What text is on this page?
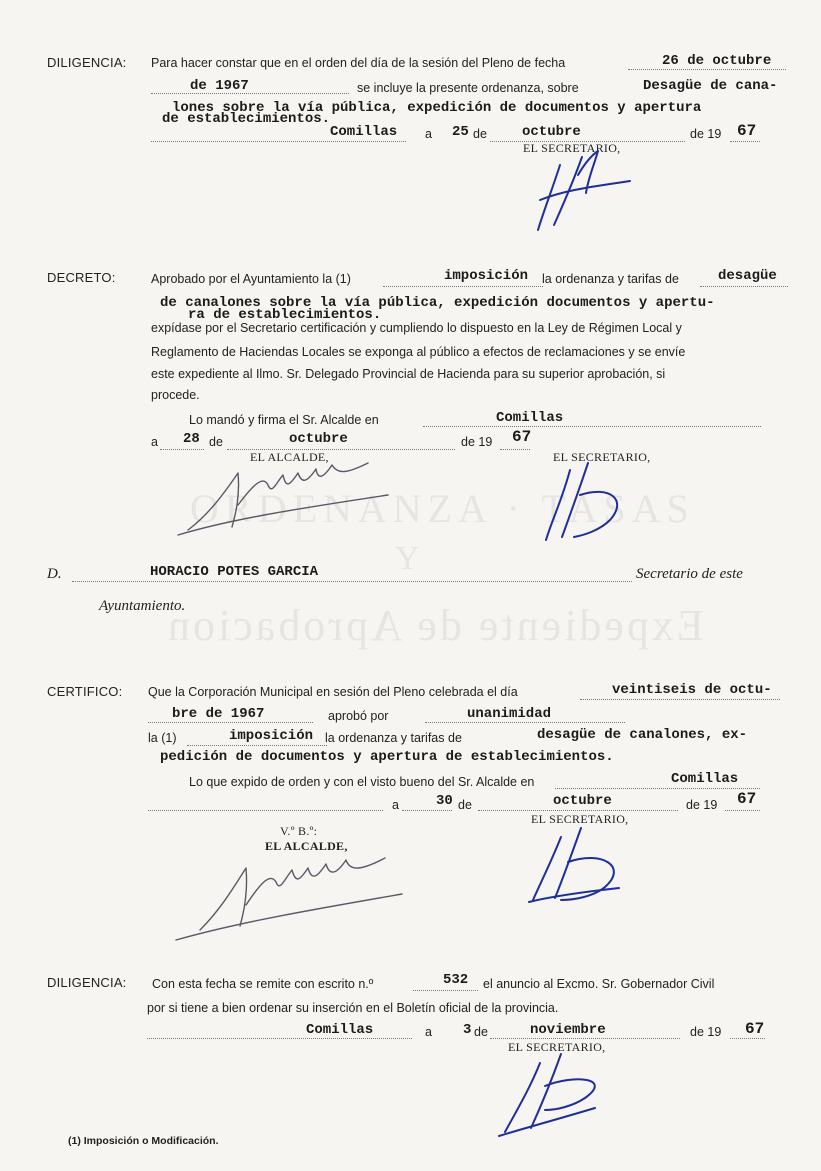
ORDENANZA · TASAS
Y
Expediente de Aprobacion
DILIGENCIA: Para hacer constar que en el orden del día de la sesión del Pleno de fecha	26 de octubre
de 1967	se incluye la presente ordenanza, sobre	Desagüe de cana-
lones sobre la vía pública, expedición de documentos y apertura
de establecimientos.
Comillas a 25 de	octubre	de 19 67
EL SECRETARIO,
DECRETO:	Aprobado por el Ayuntamiento la (1)	imposición la ordenanza y tarifas de	desagüe
de canalones sobre la vía pública, expedición documentos y apertu-
ra de establecimientos.
expídase por el Secretario certificación y cumpliendo lo dispuesto en la Ley de Régimen Local y
Reglamento de Haciendas Locales se exponga al público a efectos de reclamaciones y se envíe
este expediente al Ilmo. Sr. Delegado Provincial de Hacienda para su superior aprobación, si
procede.
Lo mandó y firma el Sr. Alcalde en	Comillas
a 28 de	octubre	de 19 67
EL ALCALDE,	EL SECRETARIO,
D.	HORACIO POTES GARCIA	Secretario de este
Ayuntamiento.
CERTIFICO: Que la Corporación Municipal en sesión del Pleno celebrada el día	veintiseis de octu-
bre de 1967	aprobó por	unanimidad
la (1)	imposición la ordenanza y tarifas de	desagüe de canalones, ex-
pedición de documentos y apertura de establecimientos.
Lo que expido de orden y con el visto bueno del Sr. Alcalde en	Comillas
a	30 de	octubre	de 19 67
EL SECRETARIO,
V.º B.º:
EL ALCALDE,
DILIGENCIA: Con esta fecha se remite con escrito n.º	532 el anuncio al Excmo. Sr. Gobernador Civil
por si tiene a bien ordenar su inserción en el Boletín oficial de la provincia.
Comillas	a 3 de	noviembre	de 19 67
EL SECRETARIO,
(1) Imposición o Modificación.
